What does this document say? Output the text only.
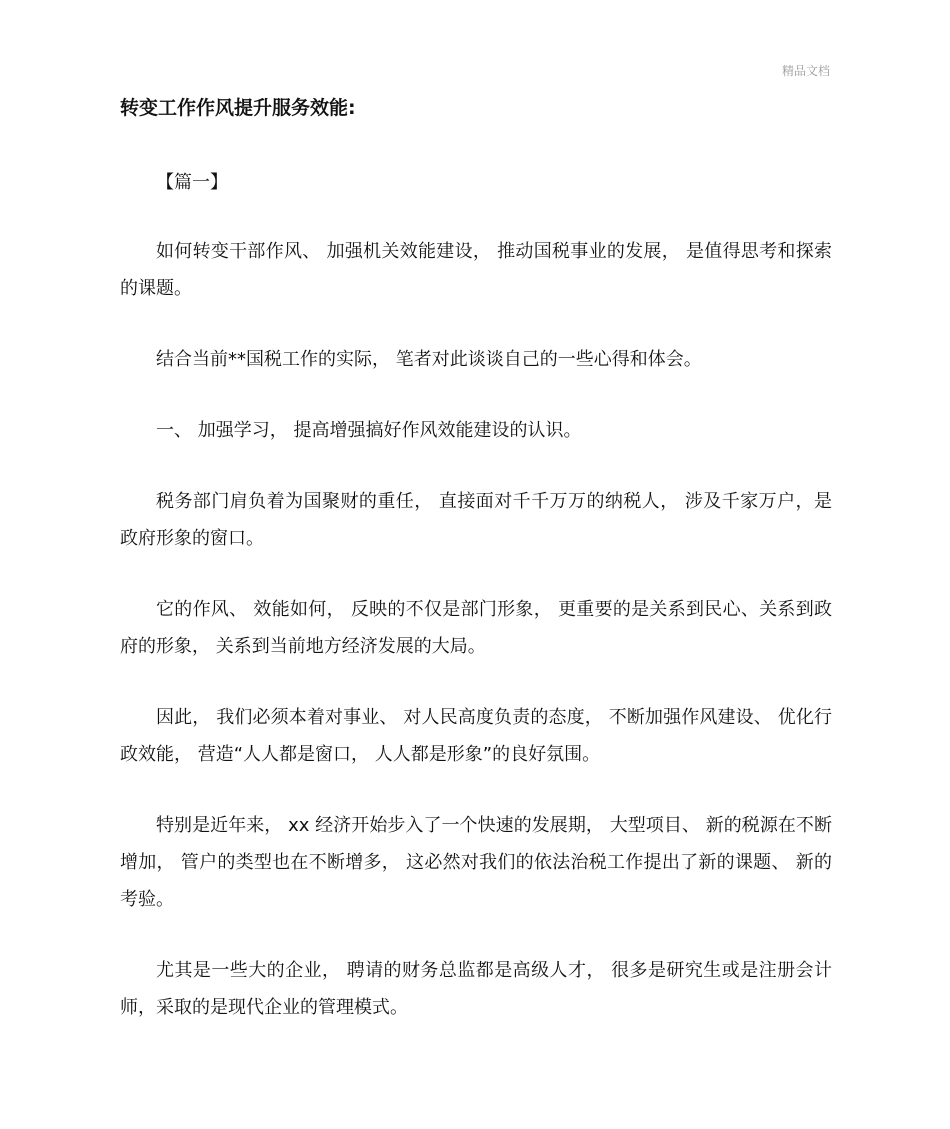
精品文档
转变工作作风提升服务效能:
【篇一】

如何转变干部作风、 加强机关效能建设， 推动国税事业的发展， 是值得思考和探索的课题。

结合当前**国税工作的实际， 笔者对此谈谈自己的一些心得和体会。

一、 加强学习， 提高增强搞好作风效能建设的认识。

税务部门肩负着为国聚财的重任， 直接面对千千万万的纳税人， 涉及千家万户，是政府形象的窗口。

它的作风、 效能如何， 反映的不仅是部门形象， 更重要的是关系到民心、关系到政府的形象， 关系到当前地方经济发展的大局。

因此， 我们必须本着对事业、 对人民高度负责的态度， 不断加强作风建设、 优化行政效能， 营造“人人都是窗口， 人人都是形象”的良好氛围。

特别是近年来， xx 经济开始步入了一个快速的发展期， 大型项目、 新的税源在不断增加， 管户的类型也在不断增多， 这必然对我们的依法治税工作提出了新的课题、 新的考验。

尤其是一些大的企业， 聘请的财务总监都是高级人才， 很多是研究生或是注册会计师，采取的是现代企业的管理模式。
